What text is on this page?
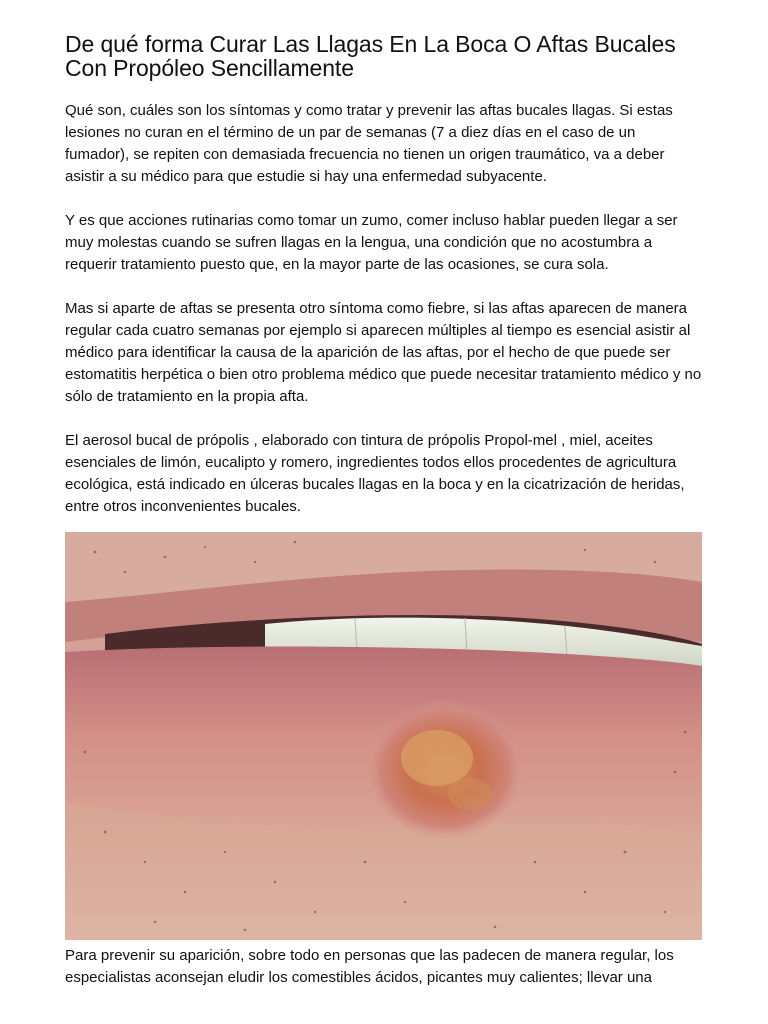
De qué forma Curar Las Llagas En La Boca O Aftas Bucales Con Propóleo Sencillamente

Qué son, cuáles son los síntomas y como tratar y prevenir las aftas bucales llagas. Si estas lesiones no curan en el término de un par de semanas (7 a diez días en el caso de un fumador), se repiten con demasiada frecuencia no tienen un origen traumático, va a deber asistir a su médico para que estudie si hay una enfermedad subyacente.

Y es que acciones rutinarias como tomar un zumo, comer incluso hablar pueden llegar a ser muy molestas cuando se sufren llagas en la lengua, una condición que no acostumbra a requerir tratamiento puesto que, en la mayor parte de las ocasiones, se cura sola.

Mas si aparte de aftas se presenta otro síntoma como fiebre, si las aftas aparecen de manera regular cada cuatro semanas por ejemplo si aparecen múltiples al tiempo es esencial asistir al médico para identificar la causa de la aparición de las aftas, por el hecho de que puede ser estomatitis herpética o bien otro problema médico que puede necesitar tratamiento médico y no sólo de tratamiento en la propia afta.

El aerosol bucal de própolis , elaborado con tintura de própolis Propol-mel , miel, aceites esenciales de limón, eucalipto y romero, ingredientes todos ellos procedentes de agricultura ecológica, está indicado en úlceras bucales llagas en la boca y en la cicatrización de heridas, entre otros inconvenientes bucales.

Para prevenir su aparición, sobre todo en personas que las padecen de manera regular, los especialistas aconsejan eludir los comestibles ácidos, picantes muy calientes; llevar una
